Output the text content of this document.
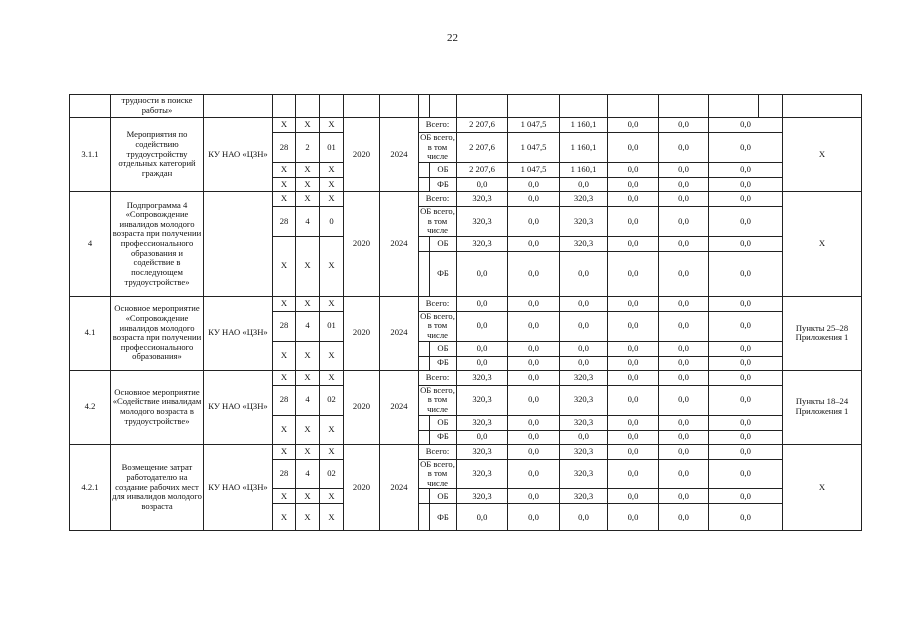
22
	трудности в поиске работы»																
3.1.1	Мероприятия по содействию трудоустройству отдельных категорий граждан	КУ НАО «ЦЗН»	X	X	X	2020	2024	Всего:		2 207,6	1 047,5	1 160,1	0,0	0,0	0,0		X
			28	2	01			ОБ всего, в том числе		2 207,6	1 047,5	1 160,1	0,0	0,0	0,0		
			X	X	X				ОБ	2 207,6	1 047,5	1 160,1	0,0	0,0	0,0		
			X	X	X				ФБ	0,0	0,0	0,0	0,0	0,0	0,0		
4	Подпрограмма 4 «Сопровождение инвалидов молодого возраста при получении профессионального образования и содействие в последующем трудоустройстве»		X	X	X	2020	2024	Всего:		320,3	0,0	320,3	0,0	0,0	0,0		X
			28	4	0			ОБ всего, в том числе		320,3	0,0	320,3	0,0	0,0	0,0		
			X	X	X				ОБ	320,3	0,0	320,3	0,0	0,0	0,0		
									ФБ	0,0	0,0	0,0	0,0	0,0	0,0		
4.1	Основное мероприятие «Сопровождение инвалидов молодого возраста при получении профессионального образования»	КУ НАО «ЦЗН»	X	X	X	2020	2024	Всего:		0,0	0,0	0,0	0,0	0,0	0,0		Пункты 25–28 Приложения 1
			28	4	01			ОБ всего, в том числе		0,0	0,0	0,0	0,0	0,0	0,0		
			X	X	X				ОБ	0,0	0,0	0,0	0,0	0,0	0,0		
									ФБ	0,0	0,0	0,0	0,0	0,0	0,0		
4.2	Основное мероприятие «Содействие инвалидам молодого возраста в трудоустройстве»	КУ НАО «ЦЗН»	X	X	X	2020	2024	Всего:		320,3	0,0	320,3	0,0	0,0	0,0		Пункты 18–24 Приложения 1
			28	4	02			ОБ всего, в том числе		320,3	0,0	320,3	0,0	0,0	0,0		
			X	X	X				ОБ	320,3	0,0	320,3	0,0	0,0	0,0		
									ФБ	0,0	0,0	0,0	0,0	0,0	0,0		
4.2.1	Возмещение затрат работодателю на создание рабочих мест для инвалидов молодого возраста	КУ НАО «ЦЗН»	X	X	X	2020	2024	Всего:		320,3	0,0	320,3	0,0	0,0	0,0		X
			28	4	02			ОБ всего, в том числе		320,3	0,0	320,3	0,0	0,0	0,0		
			X	X	X				ОБ	320,3	0,0	320,3	0,0	0,0	0,0		
			X	X	X				ФБ	0,0	0,0	0,0	0,0	0,0	0,0		
